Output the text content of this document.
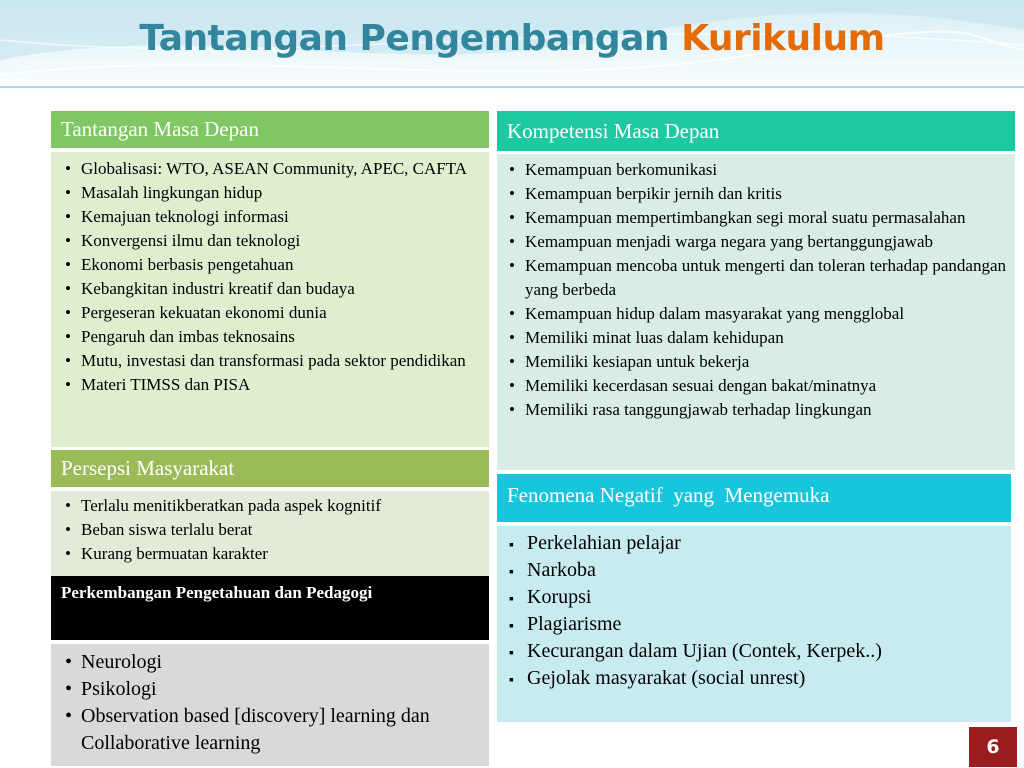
Tantangan Pengembangan Kurikulum
Tantangan Masa Depan
• Globalisasi: WTO, ASEAN Community, APEC, CAFTA
• Masalah lingkungan hidup
• Kemajuan teknologi informasi
• Konvergensi ilmu dan teknologi
• Ekonomi berbasis pengetahuan
• Kebangkitan industri kreatif dan budaya
• Pergeseran kekuatan ekonomi dunia
• Pengaruh dan imbas teknosains
• Mutu, investasi dan transformasi pada sektor pendidikan
• Materi TIMSS dan PISA
Persepsi Masyarakat
• Terlalu menitikberatkan pada aspek kognitif
• Beban siswa terlalu berat
• Kurang bermuatan karakter
Perkembangan Pengetahuan dan Pedagogi
• Neurologi
• Psikologi
• Observation based [discovery] learning dan Collaborative learning
Kompetensi Masa Depan
• Kemampuan berkomunikasi
• Kemampuan berpikir jernih dan kritis
• Kemampuan mempertimbangkan segi moral suatu permasalahan
• Kemampuan menjadi warga negara yang bertanggungjawab
• Kemampuan mencoba untuk mengerti dan toleran terhadap pandangan yang berbeda
• Kemampuan hidup dalam masyarakat yang mengglobal
• Memiliki minat luas dalam kehidupan
• Memiliki kesiapan untuk bekerja
• Memiliki kecerdasan sesuai dengan bakat/minatnya
• Memiliki rasa tanggungjawab terhadap lingkungan
Fenomena Negatif  yang  Mengemuka
▪ Perkelahian pelajar
▪ Narkoba
▪ Korupsi
▪ Plagiarisme
▪ Kecurangan dalam Ujian (Contek, Kerpek..)
▪ Gejolak masyarakat (social unrest)
6
